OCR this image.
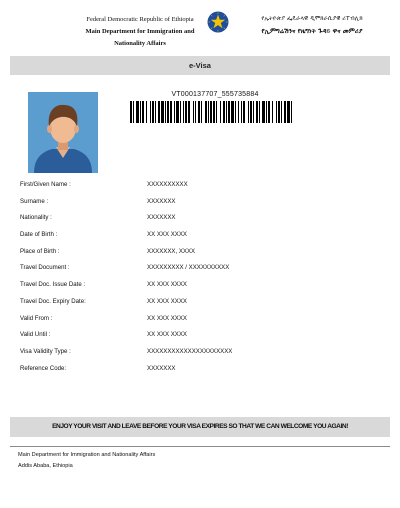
Federal Democratic Republic of Ethiopia
Main Department for Immigration and
Nationality Affairs
የኢትዮጵያ ፌዴራላዊ ዲሞክራሲያዊ ሪፐብሊክ
የኢምግሬሽንና የዜግነት ጉዳይ ዋና መምሪያ
e-Visa
VT000137707_555735884
First/Given Name :	XXXXXXXXXX
Surname :	XXXXXXX
Nationality :	XXXXXXX
Date of Birth :	XX XXX XXXX
Place of Birth :	XXXXXXX, XXXX
Travel Document :	XXXXXXXXX / XXXXXXXXXX
Travel Doc. Issue Date :	XX XXX XXXX
Travel Doc. Expiry Date:	XX XXX XXXX
Valid From :	XX XXX XXXX
Valid Until :	XX XXX XXXX
Visa Validity Type :	XXXXXXXXXXXXXXXXXXXXX
Reference Code:	XXXXXXX
ENJOY YOUR VISIT AND LEAVE BEFORE YOUR VISA EXPIRES SO THAT WE CAN WELCOME YOU AGAIN!
Main Department for Immigration and Nationality Affairs
Addis Ababa, Ethiopia
